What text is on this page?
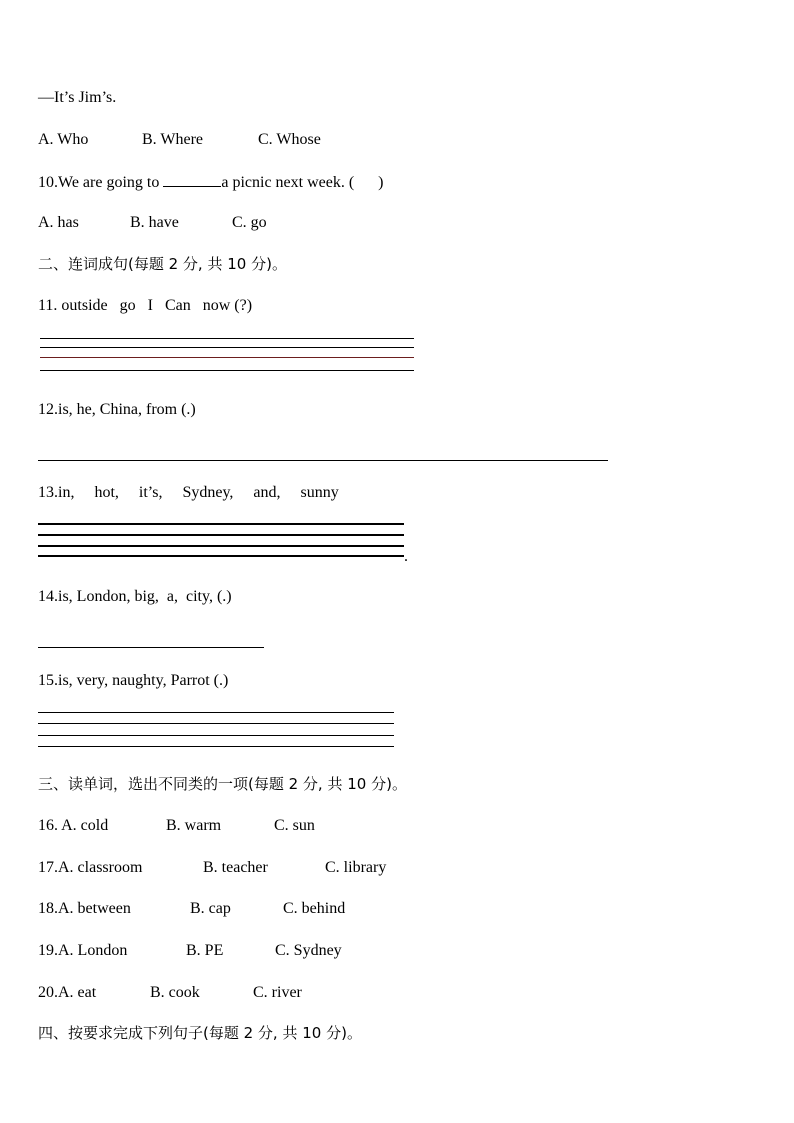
—It’s Jim’s.

A. Who

	B. Where

	C. Whose

10.We are going to	a picnic next week. (      )

A. has

	B. have

	C. go

二、连词成句(每题 2 分, 共 10 分)。
11. outside   go   I   Can   now (?)
12.is, he, China, from (.)
13.in,     hot,     it’s,     Sydney,     and,     sunny
.
14.is, London, big,  a,  city, (.)
15.is, very, naughty, Parrot (.)
三、读单词，选出不同类的一项(每题 2 分, 共 10 分)。

16. A. cold

	B. warm

	C. sun

17.A. classroom

	B. teacher

	C. library

18.A. between

	B. cap

	C. behind

19.A. London

	B. PE

	C. Sydney

20.A. eat

	B. cook

	C. river

四、按要求完成下列句子(每题 2 分, 共 10 分)。
